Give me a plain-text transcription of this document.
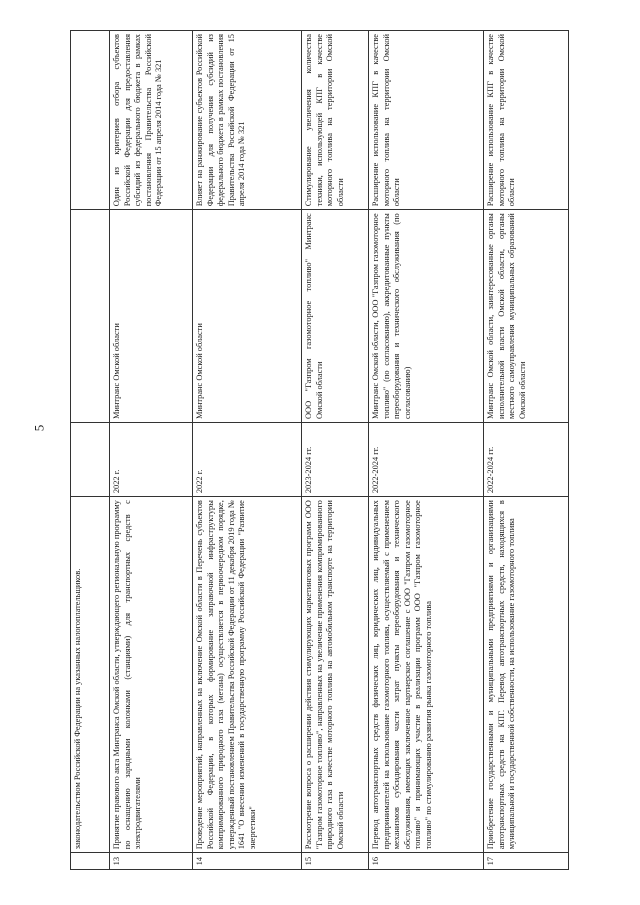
5
	законодательством Российской Федерации на указанных налогоплательщиков.			
13	Принятие правового акта Минтранса Омской области, утверждающего региональную программу по оснащению зарядными колонками (станциями) для транспортных средств с электродвигателями	2022 г.	Минтранс Омской области	Один из критериев отбора субъектов Российской Федерации для предоставления субсидий из федерального бюджета в рамках постановления Правительства Российской Федерации от 15 апреля 2014 года № 321
14	Проведение мероприятий, направленных на включение Омской области в Перечень субъектов Российской Федерации, в которых формирование заправочной инфраструктуры компримированного природного газа (метана) осуществляется в первоочередном порядке, утвержденный постановлением Правительства Российской Федерации от 11 декабря 2019 года № 1641 "О внесении изменений в государственную программу Российской Федерации "Развитие энергетики"	2022 г.	Минтранс Омской области	Влияет на ранжирование субъектов Российской Федерации для получения субсидий из федерального бюджета в рамках постановления Правительства Российской Федерации от 15 апреля 2014 года № 321
15	Рассмотрение вопроса о расширении действия стимулирующих маркетинговых программ ООО "Газпром газомоторное топливо", направленных на увеличение применения компримированного природного газа в качестве моторного топлива на автомобильном транспорте на территории Омской области	2023-2024 гг.	ООО "Газпром газомоторное топливо" Минтранс Омской области	Стимулирование увеличения количества техники, использующей КПГ в качестве моторного топлива на территории Омской области
16	Перевод автотранспортных средств физических лиц, юридических лиц, индивидуальных предпринимателей на использование газомоторного топлива, осуществляемый с применением механизмов субсидирования части затрат пункты переоборудования и технического обслуживания, имеющих заключенное партнерское соглашение с ООО "Газпром газомоторное топливо" и принимающих участие в реализации программ ООО "Газпром газомоторное топливо" по стимулированию развития рынка газомоторного топлива	2022-2024 гг.	Минтранс Омской области, ООО "Газпром газомоторное топливо" (по согласованию), аккредитованные пункты переоборудования и технического обслуживания (по согласованию)	Расширение использование КПГ в качестве моторного топлива на территории Омской области
17	Приобретение государственными и муниципальными предприятиями и организациями автотранспортных средств на КПГ. Перевод автотранспортных средств, находящихся в муниципальной и государственной собственности, на использование газомоторного топлива	2022-2024 гг.	Минтранс Омской области, заинтересованные органы исполнительной власти Омской области, органы местного самоуправления муниципальных образований Омской области	Расширение использование КПГ в качестве моторного топлива на территории Омской области
